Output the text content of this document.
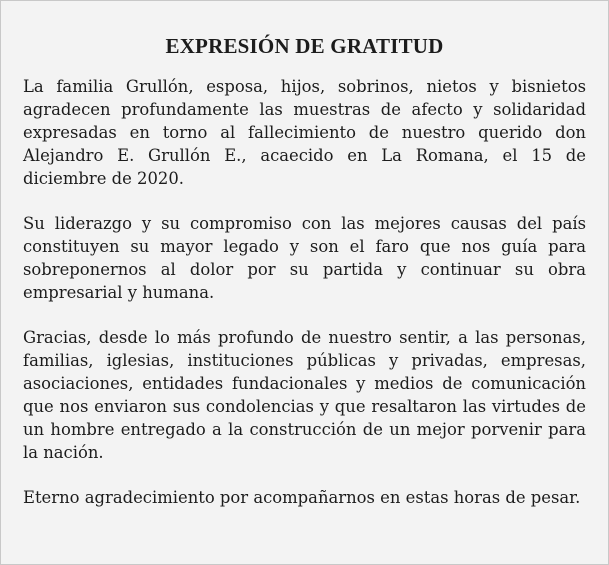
EXPRESIÓN DE GRATITUD

La familia Grullón, esposa, hijos, sobrinos, nietos y bisnietos agradecen profundamente las muestras de afecto y solidaridad expresadas en torno al fallecimiento de nuestro querido don Alejandro E. Grullón E., acaecido en La Romana, el 15 de diciembre de 2020.

Su liderazgo y su compromiso con las mejores causas del país constituyen su mayor legado y son el faro que nos guía para sobreponernos al dolor por su partida y continuar su obra empresarial y humana.

Gracias, desde lo más profundo de nuestro sentir, a las personas, familias, iglesias, instituciones públicas y privadas, empresas, asociaciones, entidades fundacionales y medios de comunicación que nos enviaron sus condolencias y que resaltaron las virtudes de un hombre entregado a la construcción de un mejor porvenir para la nación.

Eterno agradecimiento por acompañarnos en estas horas de pesar.
